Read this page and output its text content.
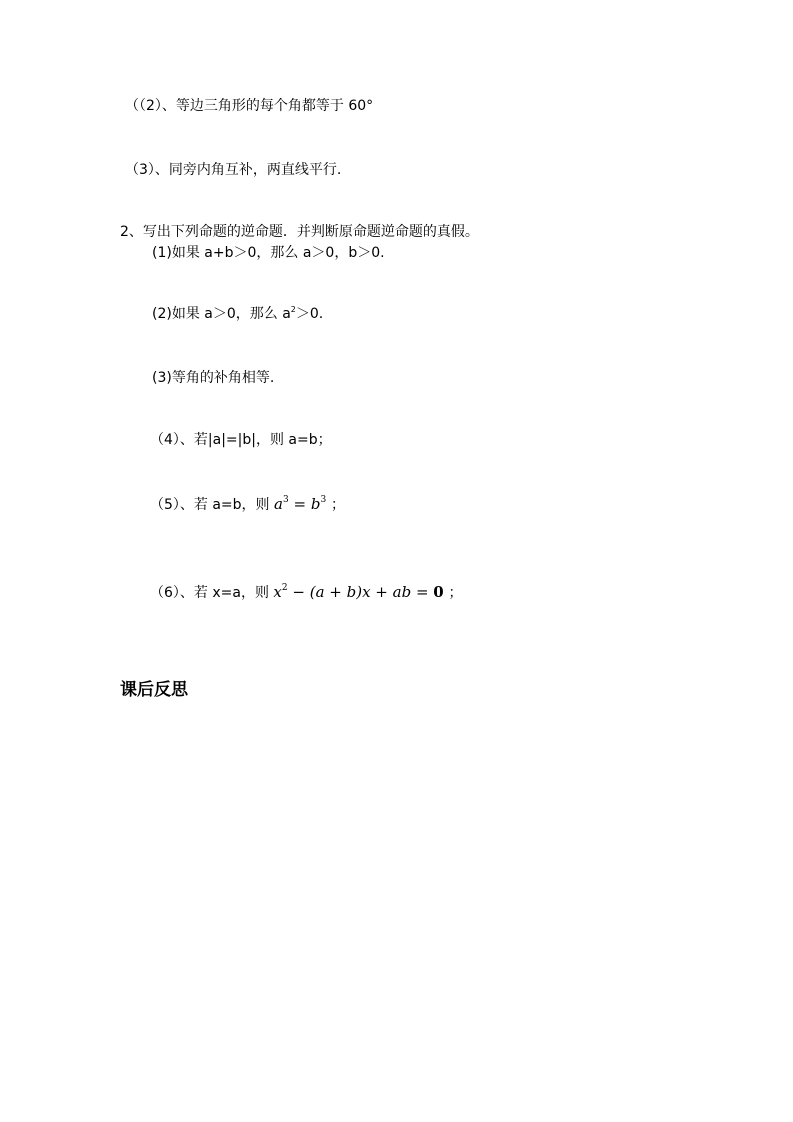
（（2）、等边三角形的每个角都等于 60°
（3）、同旁内角互补，两直线平行.
2、写出下列命题的逆命题．并判断原命题逆命题的真假。
(1)如果 a+b＞0，那么 a＞0，b＞0.
(2)如果 a＞0，那么 $a^2>0$.
(3)等角的补角相等.
（4）、若|a|=|b|，则 a=b；
（5）、若 a=b，则 $a^3 = b^3$ ；
（6）、若 x=a，则 $x^2 - (a + b)x$ + ab = 0 ；
课后反思
